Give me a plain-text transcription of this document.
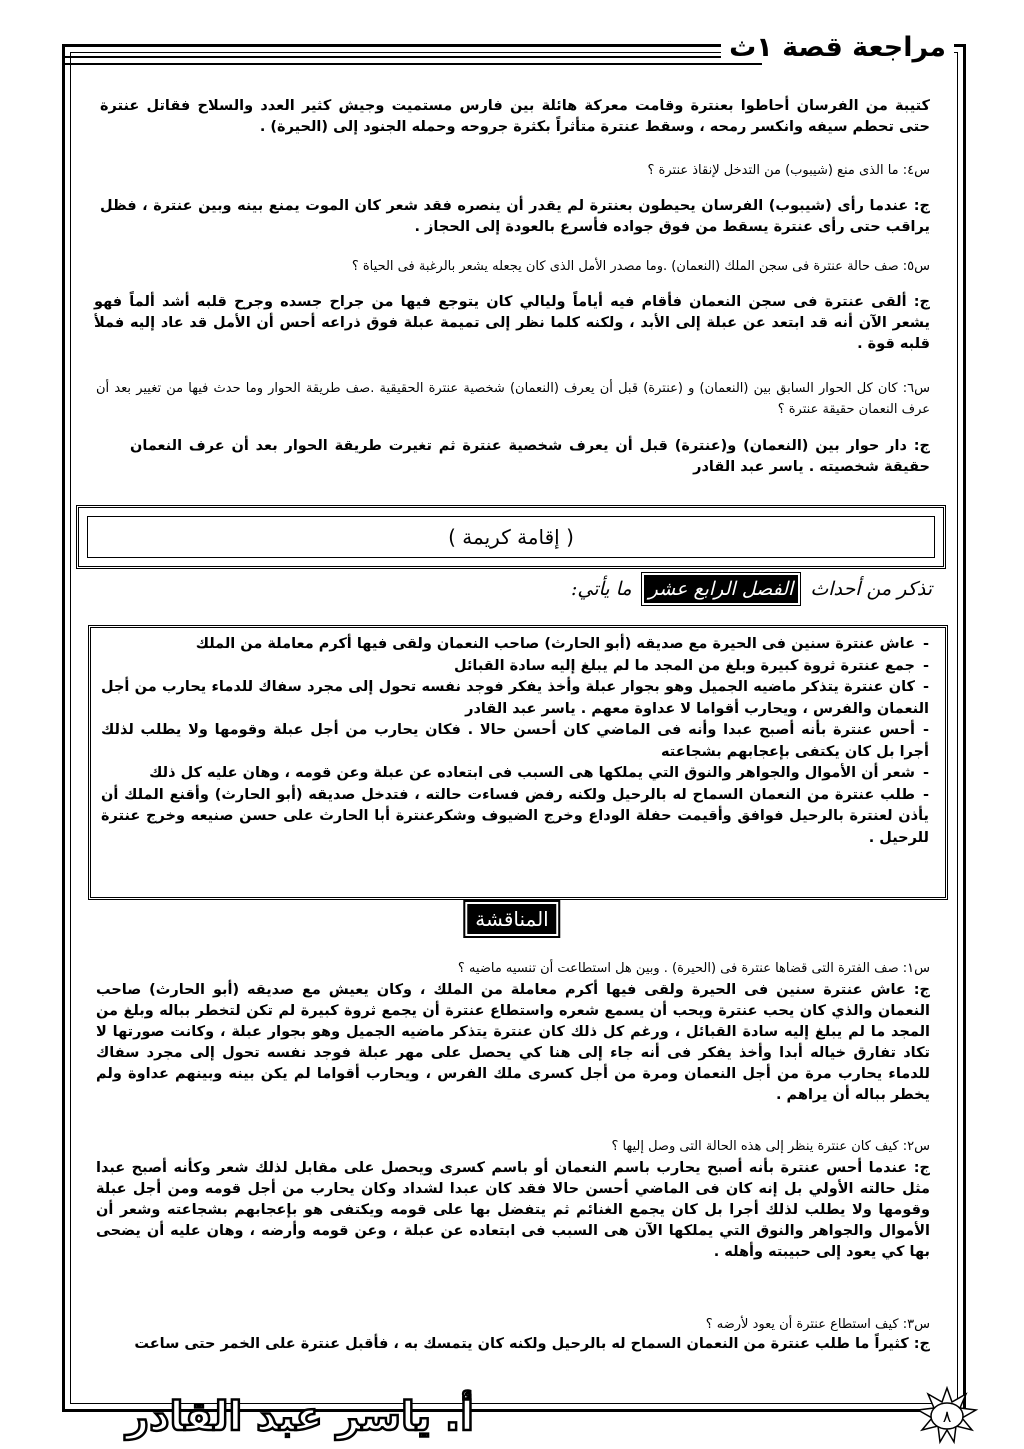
مراجعة قصة ١ث
كتيبة من الفرسان أحاطوا بعنترة وقامت معركة هائلة بين فارس مستميت وجيش كثير العدد والسلاح فقاتل عنترة حتى تحطم سيفه وانكسر رمحه ، وسقط عنترة متأثراً بكثرة جروحه وحمله الجنود إلى (الحيرة) .
س٤: ما الذى منع (شيبوب) من التدخل لإنقاذ عنترة ؟
ج: عندما رأى (شيبوب) الفرسان يحيطون بعنترة لم يقدر أن ينصره فقد شعر كان الموت يمنع بينه وبين عنترة ، فظل يراقب حتى رأى عنترة يسقط من فوق جواده فأسرع بالعودة إلى الحجاز .
س٥: صف حالة عنترة فى سجن الملك (النعمان) .وما مصدر الأمل الذى كان يجعله يشعر بالرغبة فى الحياة ؟
ج: ألقى عنترة فى سجن النعمان فأقام فيه أياماً وليالي كان يتوجع فيها من جراح جسده وجرح قلبه أشد ألماً فهو يشعر الآن أنه قد ابتعد عن عبلة إلى الأبد ، ولكنه كلما نظر إلى تميمة عبلة فوق ذراعه أحس أن الأمل قد عاد إليه فملأ قلبه قوة .
س٦: كان كل الحوار السابق بين (النعمان) و (عنترة) قبل أن يعرف (النعمان) شخصية عنترة الحقيقية .صف طريقة الحوار وما حدث فيها من تغيير بعد أن عرف النعمان حقيقة عنترة ؟
ج: دار حوار بين (النعمان) و(عنترة) قبل أن يعرف شخصية عنترة ثم تغيرت طريقة الحوار بعد أن عرف النعمان حقيقة شخصيته . ياسر عبد القادر
( إقامة كريمة )
تذكر من أحداث الفصل الرابع عشر ما يأتي:
-عاش عنترة سنين فى الحيرة مع صديقه (أبو الحارث) صاحب النعمان ولقى فيها أكرم معاملة من الملك
-جمع عنترة ثروة كبيرة وبلغ من المجد ما لم يبلغ إليه سادة القبائل
-كان عنترة يتذكر ماضيه الجميل وهو بجوار عبلة وأخذ يفكر فوجد نفسه تحول إلى مجرد سفاك للدماء يحارب من أجل النعمان والفرس ، ويحارب أقواما لا عداوة معهم . ياسر عبد القادر
-أحس عنترة بأنه أصبح عبدا وأنه فى الماضي كان أحسن حالا . فكان يحارب من أجل عبلة وقومها ولا يطلب لذلك أجرا بل كان يكتفى بإعجابهم بشجاعته
-شعر أن الأموال والجواهر والنوق التي يملكها هى السبب فى ابتعاده عن عبلة وعن قومه ، وهان عليه كل ذلك
-طلب عنترة من النعمان السماح له بالرحيل ولكنه رفض فساءت حالته ، فتدخل صديقه (أبو الحارث) وأقنع الملك أن يأذن لعنترة بالرحيل فوافق وأقيمت حفلة الوداع وخرج الضيوف وشكرعنترة أبا الحارث على حسن صنيعه وخرج عنترة للرحيل .
المناقشة
س١: صف الفترة التى قضاها عنترة فى (الحيرة) . وبين هل استطاعت أن تنسيه ماضيه ؟
ج: عاش عنترة سنين فى الحيرة ولقى فيها أكرم معاملة من الملك ، وكان يعيش مع صديقه (أبو الحارث) صاحب النعمان والذي كان يحب عنترة ويحب أن يسمع شعره واستطاع عنترة أن يجمع ثروة كبيرة لم تكن لتخطر بباله وبلغ من المجد ما لم يبلغ إليه سادة القبائل ، ورغم كل ذلك كان عنترة يتذكر ماضيه الجميل وهو بجوار عبلة ، وكانت صورتها لا تكاد تفارق خياله أبدا وأخذ يفكر فى أنه جاء إلى هنا كي يحصل على مهر عبلة فوجد نفسه تحول إلى مجرد سفاك للدماء يحارب مرة من أجل النعمان ومرة من أجل كسرى ملك الفرس ، ويحارب أقواما لم يكن بينه وبينهم عداوة ولم يخطر بباله أن يراهم .
س٢: كيف كان عنترة ينظر إلى هذه الحالة التى وصل إليها ؟
ج: عندما أحس عنترة بأنه أصبح يحارب باسم النعمان أو باسم كسرى ويحصل على مقابل لذلك شعر وكأنه أصبح عبدا مثل حالته الأولي بل إنه كان فى الماضي أحسن حالا فقد كان عبدا لشداد وكان يحارب من أجل قومه ومن أجل عبلة وقومها ولا يطلب لذلك أجرا بل كان يجمع الغنائم ثم يتفضل بها على قومه ويكتفى هو بإعجابهم بشجاعته وشعر أن الأموال والجواهر والنوق التي يملكها الآن هى السبب فى ابتعاده عن عبلة ، وعن قومه وأرضه ، وهان عليه أن يضحى بها كي يعود إلى حبيبته وأهله .
س٣: كيف استطاع عنترة أن يعود لأرضه ؟
ج: كثيراً ما طلب عنترة من النعمان السماح له بالرحيل ولكنه كان يتمسك به ، فأقبل عنترة على الخمر حتى ساعت
أ. ياسر عبد القادر	٨
